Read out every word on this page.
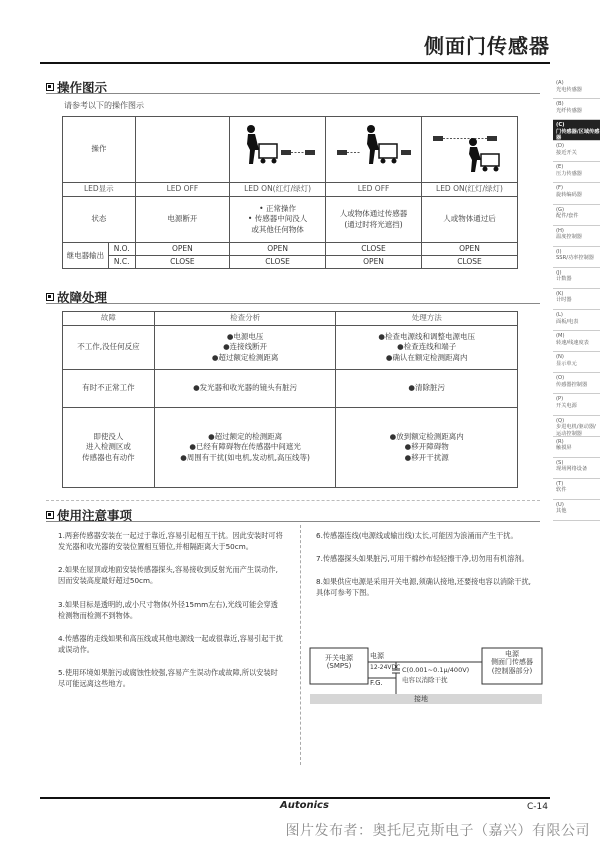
侧面门传感器
操作图示
请参考以下的操作图示
操作				
LED显示		LED OFF	LED ON(红灯/绿灯)	LED OFF	LED ON(红灯/绿灯)
状态		电源断开	• 正常操作
• 传感器中间没人
或其他任何物体	人或物体通过传感器
(通过时将光遮挡)	人或物体通过后
继电器输出	N.O.	OPEN	OPEN	CLOSE	OPEN
	N.C.	CLOSE	CLOSE	OPEN	CLOSE
故障处理
故障	检查分析	处理方法
不工作,没任何反应	●电源电压
●连接线断开
●超过额定检测距离	●检查电源线和调整电源电压
●检查连线和端子
●确认在额定检测距离内
有时不正常工作	●发光器和收光器的镜头有脏污	●清除脏污
即使没人
进入检测区或
传感器也有动作	●超过额定的检测距离
●已经有障碍物在传感器中间遮光
●周围有干扰(如电机,发动机,高压线等)	●放到额定检测距离内
●移开障碍物
●移开干扰源
使用注意事项

1.两套传感器安装在一起过于靠近,容易引起相互干扰。因此安装时可将发光器和收光器的安装位置相互错位,并相隔距离大于50cm。

2.如果在屋顶或地面安装传感器探头,容易接收到反射光而产生误动作,因而安装高度最好超过50cm。

3.如果目标是透明的,或小尺寸物体(外径15mm左右),光线可能会穿透检测物而检测不到物体。

4.传感器的走线如果和高压线或其他电源线一起或很靠近,容易引起干扰或误动作。

5.使用环境如果脏污或腐蚀性较强,容易产生误动作或故障,所以安装时尽可能远离这些地方。

6.传感器连线(电源线或输出线)太长,可能因为浪涌而产生干扰。

7.传感器探头如果脏污,可用干棉纱布轻轻擦干净,切勿用有机溶剂。

8.如果供应电源是采用开关电源,须确认接地,还要接电容以消除干扰,具体可参考下图。

开关电源
(SMPS)
电源
12-24VDC
F.G.
C(0.001~0.1μ/400V)
电容以消除干扰
电源
侧面门传感器
(控制器部分)
接地
(A)
光电传感器
(B)
光纤传感器
(C)
门传感器/区域传感器
(D)
接近开关
(E)
压力传感器
(F)
旋转编码器
(G)
配件/套件
(H)
温度控制器
(I)
SSR/功率控制器
(J)
计数器
(K)
计时器
(L)
面板/电表
(M)
转速/线速度表
(N)
显示单元
(O)
传感器控制器
(P)
开关电源
(Q)
步进电机/驱动器/运动控制器
(R)
触摸屏
(S)
现场网络设备
(T)
软件
(U)
其他
Autonics	C-14
图片发布者：奥托尼克斯电子（嘉兴）有限公司
